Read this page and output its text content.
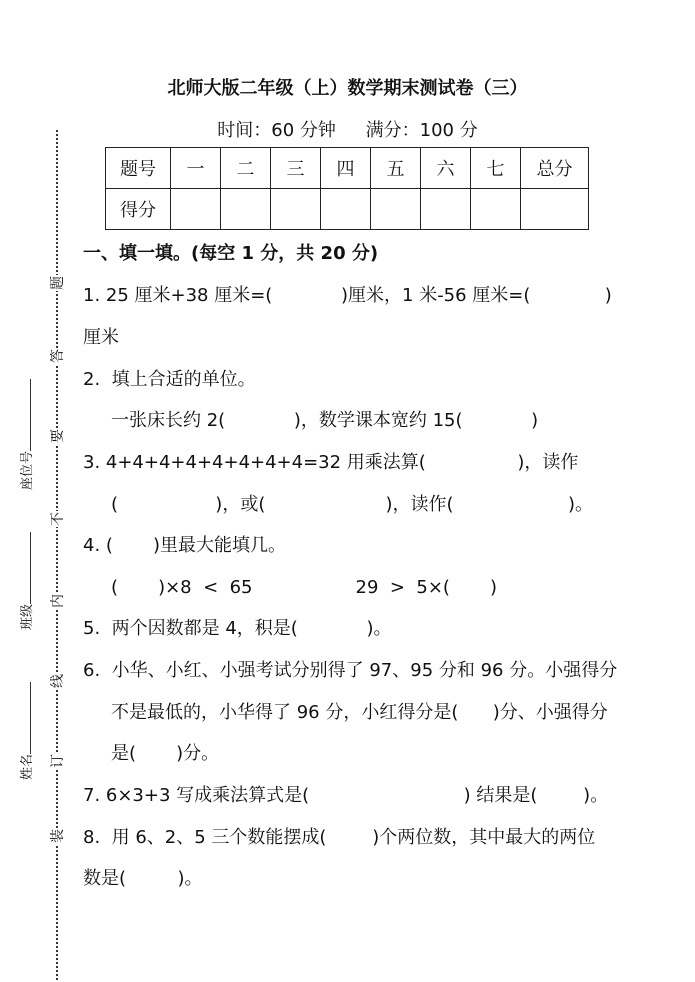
北师大版二年级（上）数学期末测试卷（三）
时间：60 分钟 满分：100 分
题号	一	二	三	四	五	六	七	总分
得分								
题
答
要
不
内
线
订
装
座位号
班级
姓名
一、填一填。(每空 1 分，共 20 分)
1. 25 厘米+38 厘米=(            )厘米，1 米-56 厘米=(             )
厘米
2.  填上合适的单位。
一张床长约 2(            )，数学课本宽约 15(            )
3. 4+4+4+4+4+4+4+4=32 用乘法算(                )，读作
(                 )，或(                     )，读作(                    )。
4. (       )里最大能填几。
(       )×8  <  65                  29  >  5×(       )
5.  两个因数都是 4，积是(            )。
6.  小华、小红、小强考试分别得了 97、95 分和 96 分。小强得分
不是最低的，小华得了 96 分，小红得分是(      )分、小强得分
是(       )分。
7. 6×3+3 写成乘法算式是(                           ) 结果是(        )。
8.  用 6、2、5 三个数能摆成(        )个两位数，其中最大的两位
数是(         )。
